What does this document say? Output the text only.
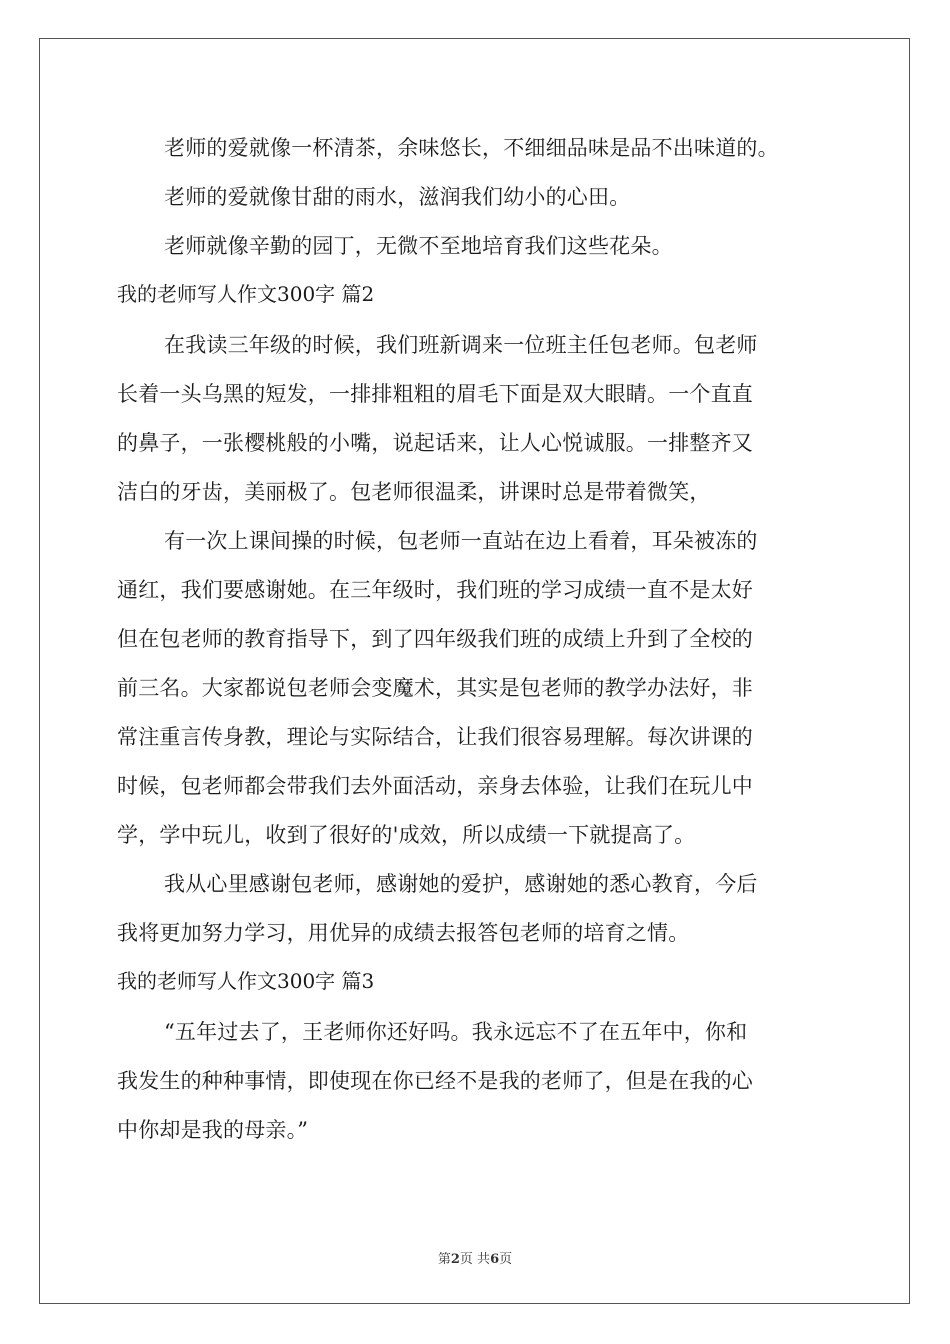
老师的爱就像一杯清茶，余味悠长，不细细品味是品不出味道的。
老师的爱就像甘甜的雨水，滋润我们幼小的心田。
老师就像辛勤的园丁，无微不至地培育我们这些花朵。
我的老师写人作文300字 篇2
在我读三年级的时候，我们班新调来一位班主任包老师。包老师
长着一头乌黑的短发，一排排粗粗的眉毛下面是双大眼睛。一个直直
的鼻子，一张樱桃般的小嘴，说起话来，让人心悦诚服。一排整齐又
洁白的牙齿，美丽极了。包老师很温柔，讲课时总是带着微笑，
有一次上课间操的时候，包老师一直站在边上看着，耳朵被冻的
通红，我们要感谢她。在三年级时，我们班的学习成绩一直不是太好
但在包老师的教育指导下，到了四年级我们班的成绩上升到了全校的
前三名。大家都说包老师会变魔术，其实是包老师的教学办法好，非
常注重言传身教，理论与实际结合，让我们很容易理解。每次讲课的
时候，包老师都会带我们去外面活动，亲身去体验，让我们在玩儿中
学，学中玩儿，收到了很好的'成效，所以成绩一下就提高了。
我从心里感谢包老师，感谢她的爱护，感谢她的悉心教育，今后
我将更加努力学习，用优异的成绩去报答包老师的培育之情。
我的老师写人作文300字 篇3
“五年过去了，王老师你还好吗。我永远忘不了在五年中，你和
我发生的种种事情，即使现在你已经不是我的老师了，但是在我的心
中你却是我的母亲。”
第2页 共6页
